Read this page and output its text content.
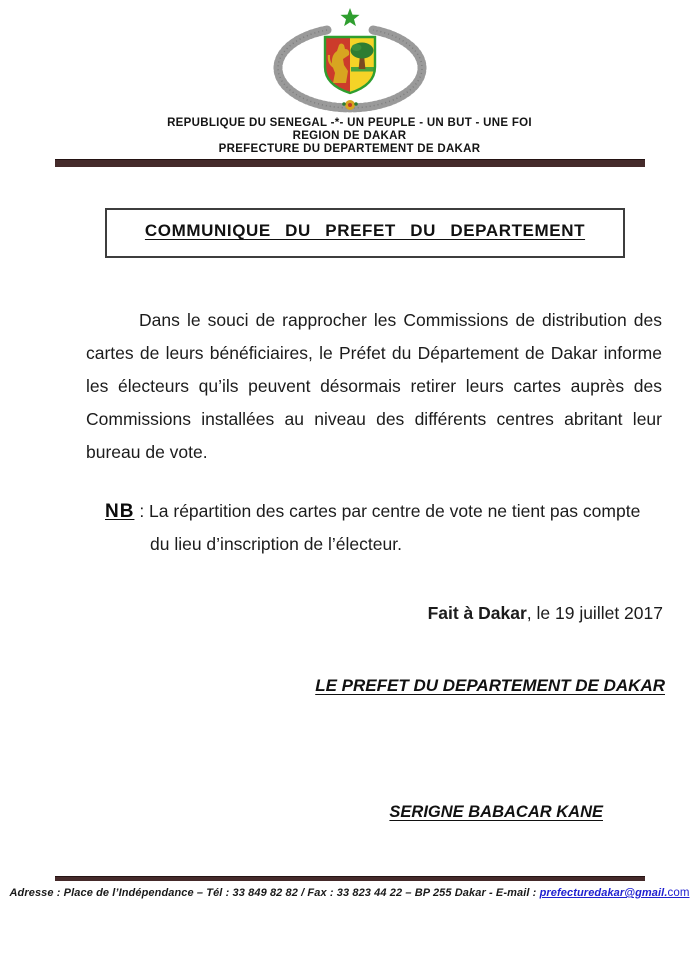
REPUBLIQUE DU SENEGAL -*- UN PEUPLE - UN BUT - UNE FOI
REGION DE DAKAR
PREFECTURE DU DEPARTEMENT DE DAKAR
COMMUNIQUE DU PREFET DU DEPARTEMENT

Dans le souci de rapprocher les Commissions de distribution des cartes de leurs bénéficiaires, le Préfet du Département de Dakar informe les électeurs qu’ils peuvent désormais retirer leurs cartes auprès des Commissions installées au niveau des différents centres abritant leur bureau de vote.

NB : La répartition des cartes par centre de vote ne tient pas compte du lieu d’inscription de l’électeur.

Fait à Dakar, le 19 juillet 2017
LE PREFET DU DEPARTEMENT DE DAKAR
SERIGNE BABACAR KANE
Adresse : Place de l’Indépendance – Tél : 33 849 82 82 / Fax : 33 823 44 22 – BP 255 Dakar - E-mail : prefecturedakar@gmail.com
